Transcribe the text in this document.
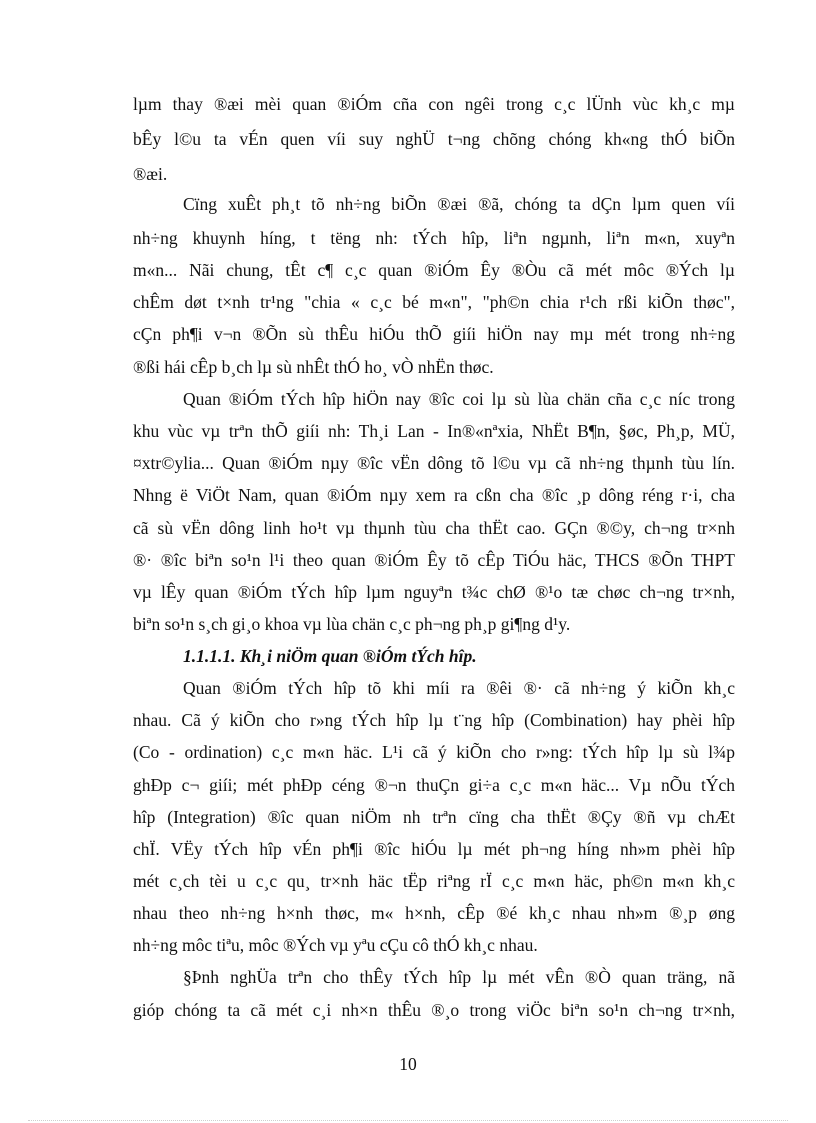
lµm thay ®æi mèi quan ®iÓm cña con ngêi trong c¸c lÜnh vùc kh¸c mµ
bÊy l©u ta vÉn quen víi suy nghÜ t¬ng chõng chóng kh«ng thÓ biÕn
®æi.
Cïng xuÊt ph¸t tõ nh÷ng biÕn ®æi ®ã, chóng ta dÇn lµm quen víi
nh÷ng khuynh híng, t tëng nh: tÝch hîp, liªn ngµnh, liªn m«n, xuyªn
m«n... Nãi chung, tÊt c¶ c¸c quan ®iÓm Êy ®Òu cã mét môc ®Ých lµ
chÊm døt t×nh tr¹ng "chia « c¸c bé m«n", "ph©n chia r¹ch rßi kiÕn thøc",
cÇn ph¶i v¬n ®Õn sù thÊu hiÓu thÕ giíi hiÖn nay mµ mét trong nh÷ng
®ßi hái cÊp b¸ch lµ sù nhÊt thÓ ho¸ vÒ nhËn thøc.
Quan ®iÓm tÝch hîp hiÖn nay ®îc coi lµ sù lùa chän cña c¸c níc trong
khu vùc vµ trªn thÕ giíi nh: Th¸i Lan - In®«nªxia, NhËt B¶n, §øc, Ph¸p, MÜ,
¤xtr©ylia... Quan ®iÓm nµy ®îc vËn dông tõ l©u vµ cã nh÷ng thµnh tùu lín.
Nhng ë ViÖt Nam, quan ®iÓm nµy xem ra cßn cha ®îc ¸p dông réng r·i, cha
cã sù vËn dông linh ho¹t vµ thµnh tùu cha thËt cao. GÇn ®©y, ch¬ng tr×nh
®· ®îc biªn so¹n l¹i theo quan ®iÓm Êy tõ cÊp TiÓu häc, THCS ®Õn THPT
vµ lÊy quan ®iÓm tÝch hîp lµm nguyªn t¾c chØ ®¹o tæ chøc ch¬ng tr×nh,
biªn so¹n s¸ch gi¸o khoa vµ lùa chän c¸c ph¬ng ph¸p gi¶ng d¹y.
1.1.1.1. Kh¸i niÖm quan ®iÓm tÝch hîp.
Quan ®iÓm tÝch hîp tõ khi míi ra ®êi ®· cã nh÷ng ý kiÕn kh¸c
nhau. Cã ý kiÕn cho r»ng tÝch hîp lµ t¨ng hîp (Combination) hay phèi hîp
(Co - ordination) c¸c m«n häc. L¹i cã ý kiÕn cho r»ng: tÝch hîp lµ sù l¾p
ghÐp c¬ giíi; mét phÐp céng ®¬n thuÇn gi÷a c¸c m«n häc... Vµ nÕu tÝch
hîp (Integration) ®îc quan niÖm nh trªn cïng cha thËt ®Çy ®ñ vµ chÆt
chÏ. VËy tÝch hîp vÉn ph¶i ®îc hiÓu lµ mét ph¬ng híng nh»m phèi hîp
mét c¸ch tèi u c¸c qu¸ tr×nh häc tËp riªng rÏ c¸c m«n häc, ph©n m«n kh¸c
nhau theo nh÷ng h×nh thøc, m« h×nh, cÊp ®é kh¸c nhau nh»m ®¸p øng
nh÷ng môc tiªu, môc ®Ých vµ yªu cÇu cô thÓ kh¸c nhau.
§Þnh nghÜa trªn cho thÊy tÝch hîp lµ mét vÊn ®Ò quan träng, nã
gióp chóng ta cã mét c¸i nh×n thÊu ®¸o trong viÖc biªn so¹n ch¬ng tr×nh,
10
